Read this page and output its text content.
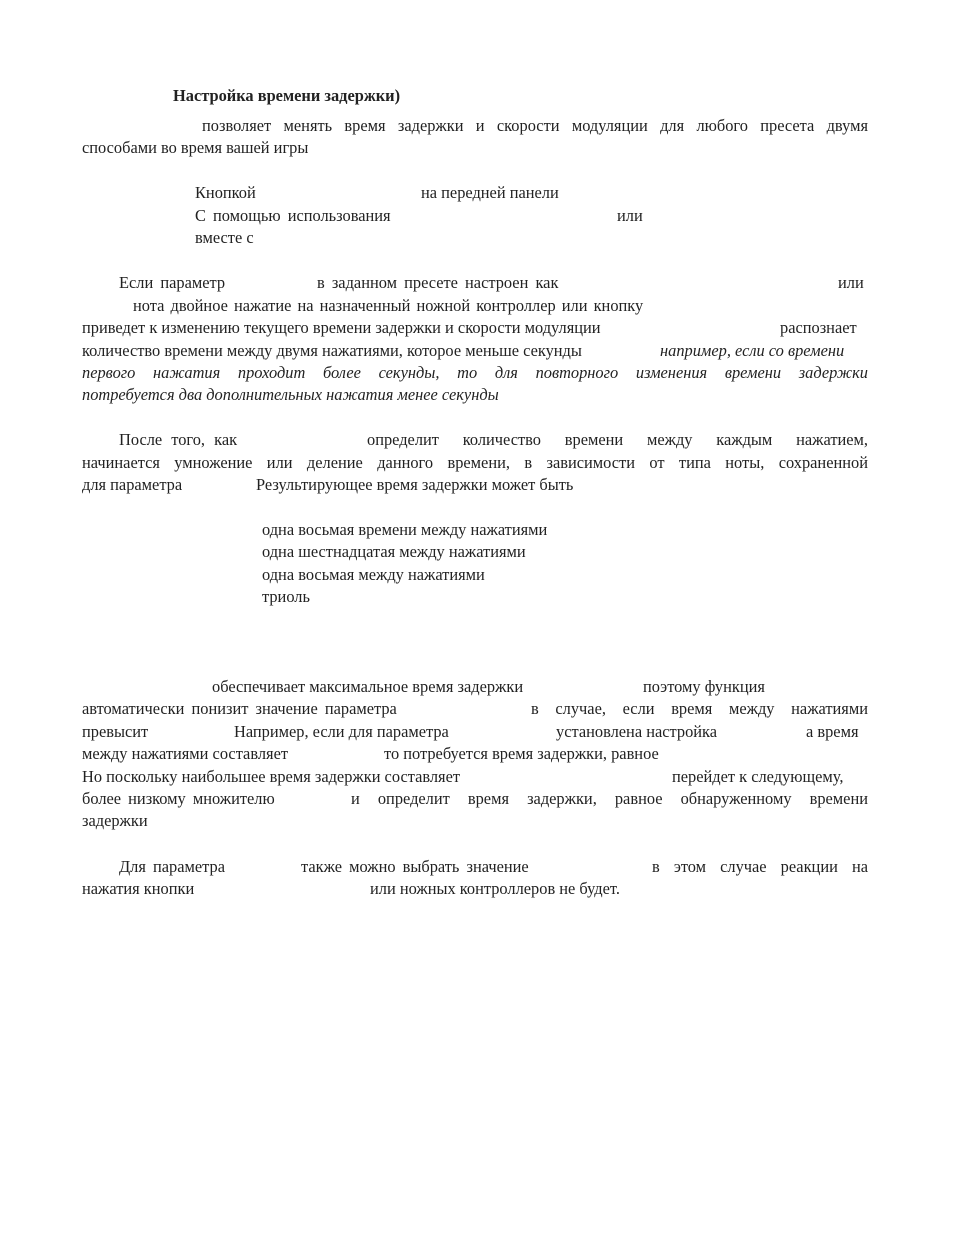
Настройка времени задержки)
позволяет менять время задержки и скорости модуляции для любого пресета двумя
способами во время вашей игры
Кнопкой	на передней панели
С помощью использования	или
вместе с
Если параметр	в заданном пресете настроен как	или
нота двойное нажатие на назначенный ножной контроллер или кнопку
приведет к изменению текущего времени задержки и скорости модуляции	распознает
количество времени между двумя нажатиями, которое меньше секунды	например, если со времени
первого нажатия проходит более секунды, то для повторного изменения времени задержки
потребуется два дополнительных нажатия менее секунды
После того, как	определит количество времени между каждым нажатием,
начинается умножение или деление данного времени, в зависимости от типа ноты, сохраненной
для параметра	Результирующее время задержки может быть
одна восьмая времени между нажатиями
одна шестнадцатая между нажатиями
одна восьмая между нажатиями
триоль
обеспечивает максимальное время задержки	поэтому функция
автоматически понизит значение параметра	в случае, если время между нажатиями
превысит	Например, если для параметра	установлена настройка	а время
между нажатиями составляет	то потребуется время задержки, равное
Но поскольку наибольшее время задержки составляет	перейдет к следующему,
более низкому множителю	и определит время задержки, равное обнаруженному времени
задержки
Для параметра	также можно выбрать значение	в этом случае реакции на
нажатия кнопки	или ножных контроллеров не будет.
